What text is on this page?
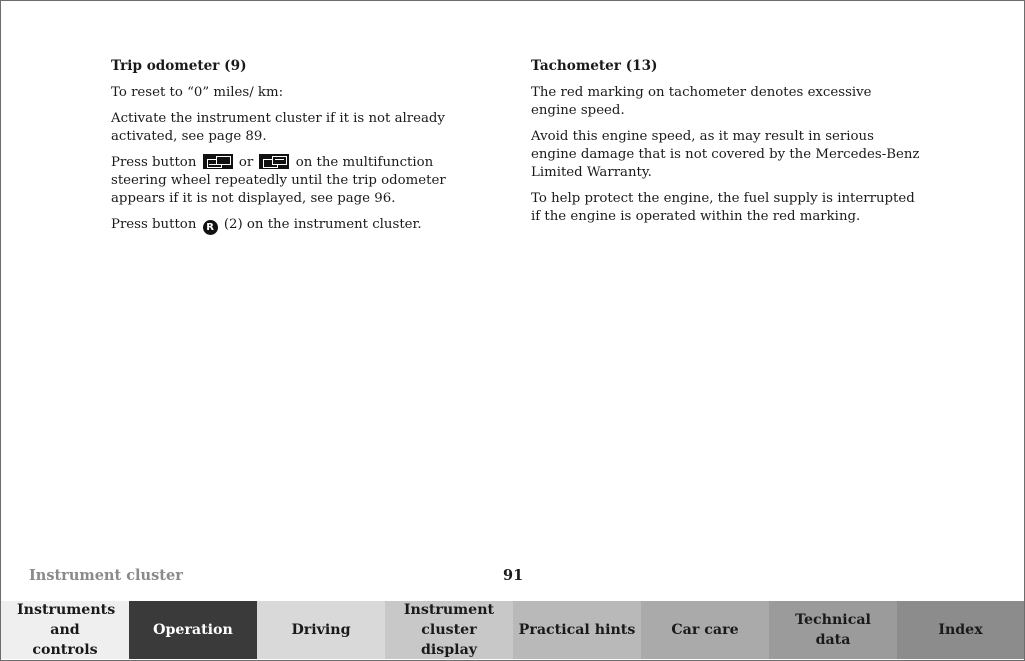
Trip odometer (9)
To reset to “0” miles/ km:
Activate the instrument cluster if it is not already activated, see page 89.
Press button	or	on the multifunction steering wheel repeatedly until the trip odometer appears if it is not displayed, see page 96.
Press button R (2) on the instrument cluster.
Tachometer (13)
The red marking on tachometer denotes excessive engine speed.
Avoid this engine speed, as it may result in serious engine damage that is not covered by the Mercedes-Benz Limited Warranty.
To help protect the engine, the fuel supply is interrupted if the engine is operated within the red marking.
Instrument cluster	91
Instruments and controls
Operation	Driving
Instrument cluster display
Practical hints	Car care
Technical data
Index
